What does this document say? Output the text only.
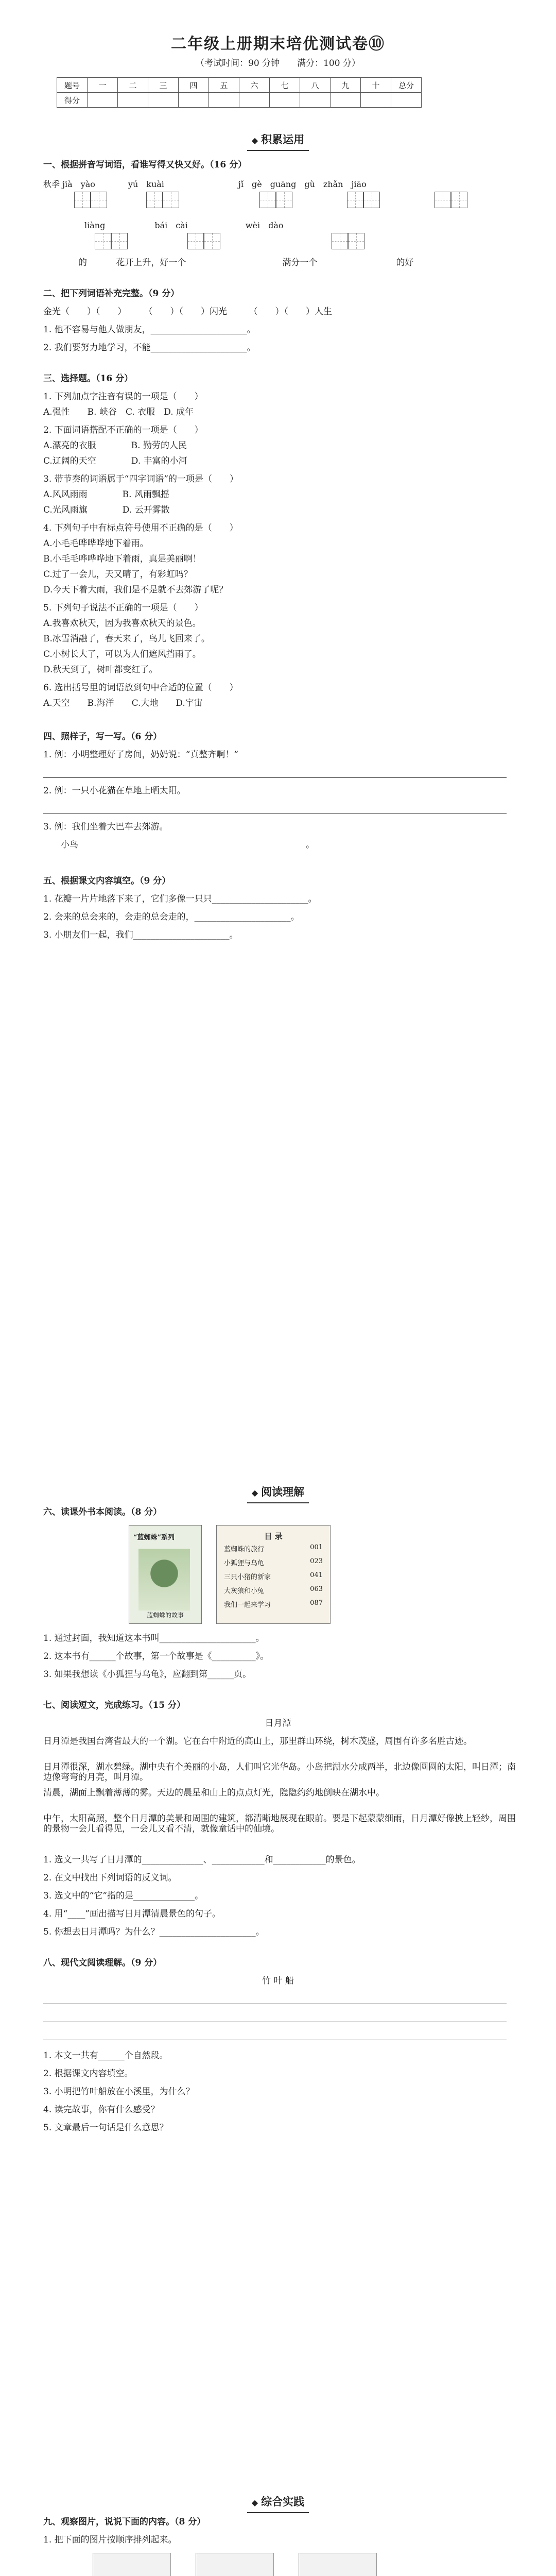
二年级上册期末培优测试卷⑩
（考试时间：90 分钟　　满分：100 分）
题号	一	二	三	四	五	六	七	八	九	十	总分
得分											
◆ 积累运用
一、根据拼音写词语，看谁写得又快又好。（16 分）
秋季 jià　yào　　　　yú　kuài　　　　　　　　　jǐ　gè　guāng　gù　zhǎn　jiāo
　　　　　liàng　　　　　　bái　cài　　　　　　　wèi　dào
　　　　的 　　　花开上升，好一个　　　　　　　　　　　满分一个　　　　　　　　　的好
二、把下列词语补充完整。（9 分）
金光（　　）（　　）　　　（　　）（　　）闪光　　　（　　）（　　）人生
1. 他不容易与他人做朋友，______________________。
2. 我们要努力地学习，不能______________________。
三、选择题。（16 分）
1. 下列加点字注音有误的一项是（　　）
A.强性　　B. 峡谷　C. 衣服　D. 成年
2. 下面词语搭配不正确的一项是（　　）
A.漂亮的衣服　　　　B. 勤劳的人民
C.辽阔的天空　　　　D. 丰富的小河
3. 带节奏的词语属于“四字词语”的一项是（　　）
A.风风雨雨　　　　B. 风雨飘摇
C.光风雨旗　　　　D. 云开雾散
4. 下列句子中有标点符号使用不正确的是（　　）
A.小毛毛哗哗哗地下着雨。
B.小毛毛哗哗哗地下着雨，真是美丽啊！
C.过了一会儿，天又晴了，有彩虹吗？
D.今天下着大雨，我们是不是就不去郊游了呢？
5. 下列句子说法不正确的一项是（　　）
A.我喜欢秋天，因为我喜欢秋天的景色。
B.冰雪消融了，春天来了，鸟儿飞回来了。
C.小树长大了，可以为人们遮风挡雨了。
D.秋天到了，树叶都变红了。
6. 选出括号里的词语放到句中合适的位置（　　）
A.天空　　B.海洋　　C.大地　　D.宇宙
四、照样子，写一写。（6 分）
1. 例：小明整理好了房间，奶奶说：“真整齐啊！”
2. 例：一只小花猫在草地上晒太阳。
3. 例：我们坐着大巴车去郊游。
　　小鸟　　　　　　　　　　　　　　　　　　　　　　　　　　。
五、根据课文内容填空。（9 分）
1. 花瓣一片片地落下来了，它们多像一只只______________________。
2. 会来的总会来的，会走的总会走的，______________________。
3. 小朋友们一起，我们______________________。
◆ 阅读理解
六、读课外书本阅读。（8 分）
“蓝蜘蛛”系列
蓝蜘蛛的故事
目 录
蓝蜘蛛的旅行	001
小狐狸与乌龟	023
三只小猪的新家	041
大灰狼和小兔	063
我们一起来学习	087
1. 通过封面，我知道这本书叫______________________。
2. 这本书有______个故事，第一个故事是《__________》。
3. 如果我想读《小狐狸与乌龟》，应翻到第______页。
七、阅读短文，完成练习。（15 分）
日月潭
日月潭是我国台湾省最大的一个湖。它在台中附近的高山上，那里群山环绕，树木茂盛，周围有许多名胜古迹。
日月潭很深，湖水碧绿。湖中央有个美丽的小岛，人们叫它光华岛。小岛把湖水分成两半，北边像圆圆的太阳，叫日潭；南边像弯弯的月亮，叫月潭。
清晨，湖面上飘着薄薄的雾。天边的晨星和山上的点点灯光，隐隐约约地倒映在湖水中。
中午，太阳高照，整个日月潭的美景和周围的建筑，都清晰地展现在眼前。要是下起蒙蒙细雨，日月潭好像披上轻纱，周围的景物一会儿看得见，一会儿又看不清，就像童话中的仙境。
1. 选文一共写了日月潭的______________、____________和____________的景色。
2. 在文中找出下列词语的反义词。
3. 选文中的“它”指的是______________。
4. 用“____”画出描写日月潭清晨景色的句子。
5. 你想去日月潭吗？为什么？______________________。
八、现代文阅读理解。（9 分）
竹 叶 船
1. 本文一共有______个自然段。
2. 根据课文内容填空。
3. 小明把竹叶船放在小溪里，为什么？
4. 读完故事，你有什么感受？
5. 文章最后一句话是什么意思？
◆ 综合实践
九、观察图片，说说下面的内容。（8 分）
1. 把下面的图片按顺序排列起来。
